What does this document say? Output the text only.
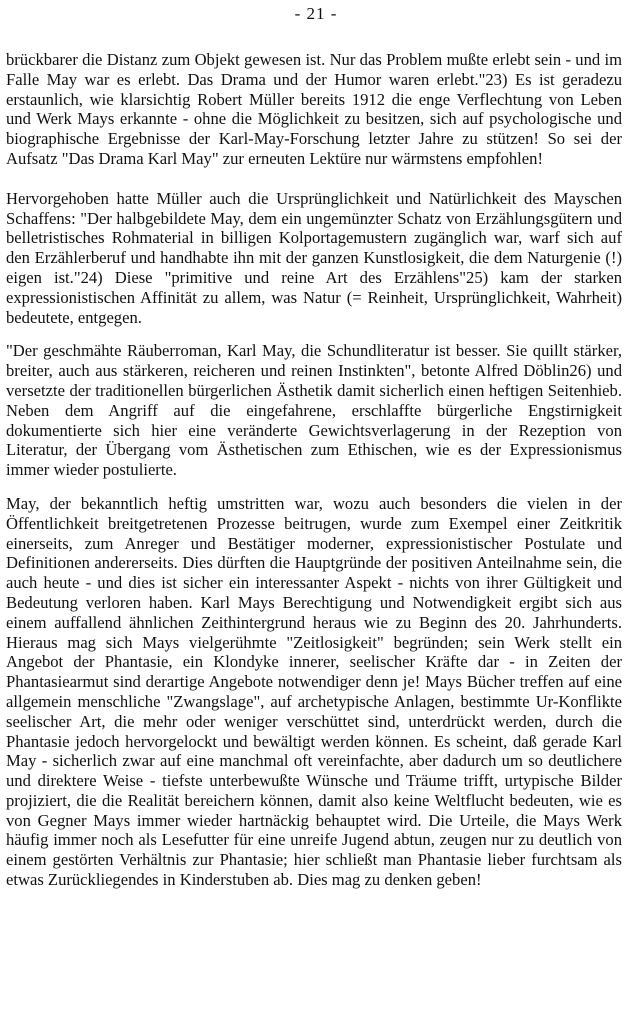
- 21 -

brückbarer die Distanz zum Objekt gewesen ist. Nur das Problem mußte erlebt sein - und im Falle May war es erlebt. Das Drama und der Humor waren erlebt."23) Es ist geradezu erstaunlich, wie klarsichtig Robert Müller bereits 1912 die enge Verflechtung von Leben und Werk Mays erkannte - ohne die Möglichkeit zu besitzen, sich auf psychologische und biographische Ergebnisse der Karl-May-Forschung letzter Jahre zu stützen! So sei der Aufsatz "Das Drama Karl May" zur erneuten Lektüre nur wärmstens empfohlen!

Hervorgehoben hatte Müller auch die Ursprünglichkeit und Natürlichkeit des Mayschen Schaffens: "Der halbgebildete May, dem ein ungemünzter Schatz von Erzählungsgütern und belletristisches Rohmaterial in billigen Kolportagemustern zugänglich war, warf sich auf den Erzählerberuf und handhabte ihn mit der ganzen Kunstlosigkeit, die dem Naturgenie (!) eigen ist."24) Diese "primitive und reine Art des Erzählens"25) kam der starken expressionistischen Affinität zu allem, was Natur (= Reinheit, Ursprünglichkeit, Wahrheit) bedeutete, entgegen.

"Der geschmähte Räuberroman, Karl May, die Schundliteratur ist besser. Sie quillt stärker, breiter, auch aus stärkeren, reicheren und reinen Instinkten", betonte Alfred Döblin26) und versetzte der traditionellen bürgerlichen Ästhetik damit sicherlich einen heftigen Seitenhieb. Neben dem Angriff auf die eingefahrene, erschlaffte bürgerliche Engstirnigkeit dokumentierte sich hier eine veränderte Gewichtsverlagerung in der Rezeption von Literatur, der Übergang vom Ästhetischen zum Ethischen, wie es der Expressionismus immer wieder postulierte.

May, der bekanntlich heftig umstritten war, wozu auch besonders die vielen in der Öffentlichkeit breitgetretenen Prozesse beitrugen, wurde zum Exempel einer Zeitkritik einerseits, zum Anreger und Bestätiger moderner, expressionistischer Postulate und Definitionen andererseits. Dies dürften die Hauptgründe der positiven Anteilnahme sein, die auch heute - und dies ist sicher ein interessanter Aspekt - nichts von ihrer Gültigkeit und Bedeutung verloren haben. Karl Mays Berechtigung und Notwendigkeit ergibt sich aus einem auffallend ähnlichen Zeithintergrund heraus wie zu Beginn des 20. Jahrhunderts. Hieraus mag sich Mays vielgerühmte "Zeitlosigkeit" begründen; sein Werk stellt ein Angebot der Phantasie, ein Klondyke innerer, seelischer Kräfte dar - in Zeiten der Phantasiearmut sind derartige Angebote notwendiger denn je! Mays Bücher treffen auf eine allgemein menschliche "Zwangslage", auf archetypische Anlagen, bestimmte Ur-Konflikte seelischer Art, die mehr oder weniger verschüttet sind, unterdrückt werden, durch die Phantasie jedoch hervorgelockt und bewältigt werden können. Es scheint, daß gerade Karl May - sicherlich zwar auf eine manchmal oft vereinfachte, aber dadurch um so deutlichere und direktere Weise - tiefste unterbewußte Wünsche und Träume trifft, urtypische Bilder projiziert, die die Realität bereichern können, damit also keine Weltflucht bedeuten, wie es von Gegner Mays immer wieder hartnäckig behauptet wird. Die Urteile, die Mays Werk häufig immer noch als Lesefutter für eine unreife Jugend abtun, zeugen nur zu deutlich von einem gestörten Verhältnis zur Phantasie; hier schließt man Phantasie lieber furchtsam als etwas Zurückliegendes in Kinderstuben ab. Dies mag zu denken geben!
